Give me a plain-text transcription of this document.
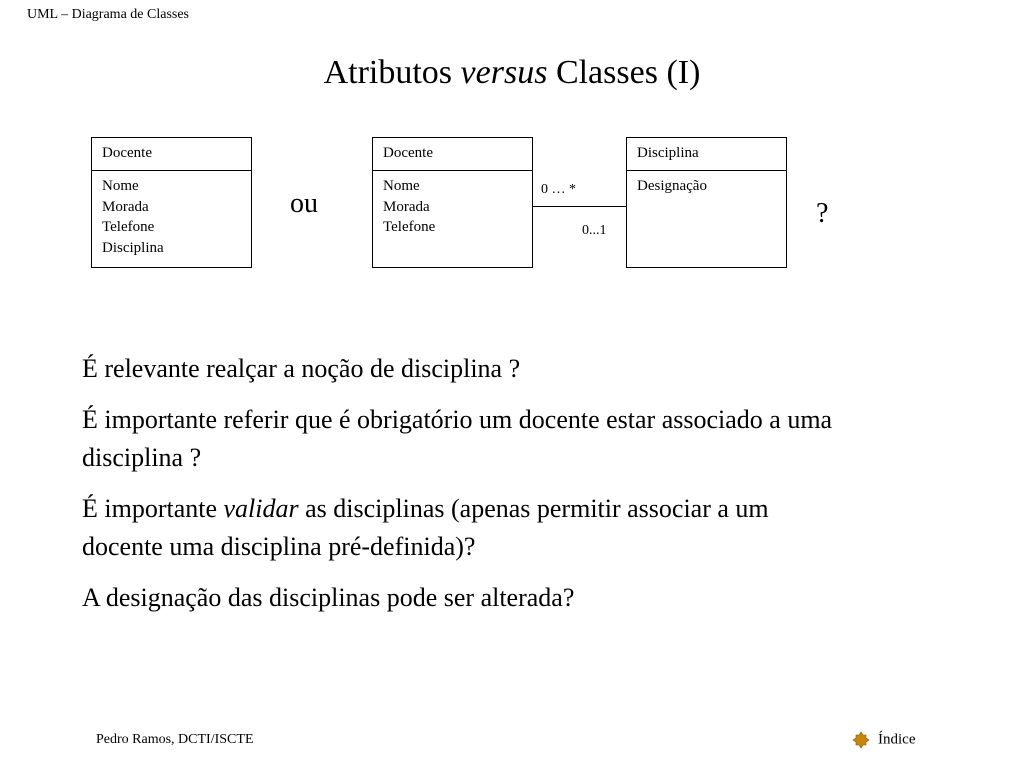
UML – Diagrama de Classes
Atributos versus Classes (I)
Docente
Nome
Morada
Telefone
Disciplina
ou
Docente
Nome
Morada
Telefone
0 … *
0...1
Disciplina
Designação
?

É relevante realçar a noção de disciplina ?

É importante referir que é obrigatório um docente estar associado a uma disciplina ?

É importante validar as disciplinas (apenas permitir associar a um docente uma disciplina pré-definida)?

A designação das disciplinas pode ser alterada?

Pedro Ramos, DCTI/ISCTE	Índice
